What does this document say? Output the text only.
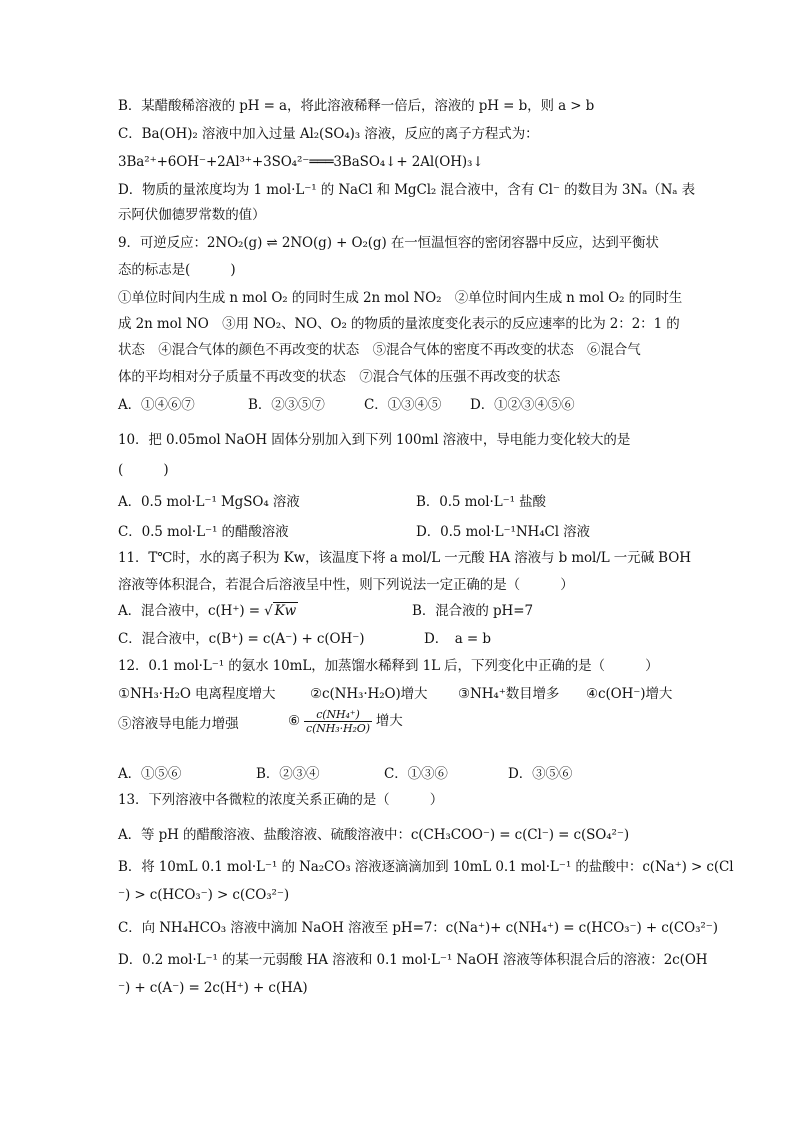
B．某醋酸稀溶液的 pH = a，将此溶液稀释一倍后，溶液的 pH = b，则 a > b
C．Ba(OH)₂ 溶液中加入过量 Al₂(SO₄)₃ 溶液，反应的离子方程式为：
3Ba²⁺+6OH⁻+2Al³⁺+3SO₄²⁻═══3BaSO₄↓+ 2Al(OH)₃↓
D．物质的量浓度均为 1 mol·L⁻¹ 的 NaCl 和 MgCl₂ 混合液中，含有 Cl⁻ 的数目为 3Nₐ（Nₐ 表
示阿伏伽德罗常数的值）
9．可逆反应：2NO₂(g) ⇌ 2NO(g) + O₂(g) 在一恒温恒容的密闭容器中反应，达到平衡状
态的标志是(　　　)
①单位时间内生成 n mol O₂ 的同时生成 2n mol NO₂　②单位时间内生成 n mol O₂ 的同时生
成 2n mol NO　③用 NO₂、NO、O₂ 的物质的量浓度变化表示的反应速率的比为 2：2：1 的
状态　④混合气体的颜色不再改变的状态　⑤混合气体的密度不再改变的状态　⑥混合气
体的平均相对分子质量不再改变的状态　⑦混合气体的压强不再改变的状态
A．①④⑥⑦	B．②③⑤⑦	C．①③④⑤ D．①②③④⑤⑥
10．把 0.05mol NaOH 固体分别加入到下列 100ml 溶液中，导电能力变化较大的是
(　　　)
A．0.5 mol·L⁻¹ MgSO₄ 溶液	B．0.5 mol·L⁻¹ 盐酸
C．0.5 mol·L⁻¹ 的醋酸溶液	D．0.5 mol·L⁻¹NH₄Cl 溶液
11．T℃时，水的离子积为 Kw，该温度下将 a mol/L 一元酸 HA 溶液与 b mol/L 一元碱 BOH
溶液等体积混合，若混合后溶液呈中性，则下列说法一定正确的是（　　　）
A．混合液中，c(H⁺) = √ Kw	B．混合液的 pH=7
C．混合液中，c(B⁺) = c(A⁻) + c(OH⁻)	D．　a = b
12．0.1 mol·L⁻¹ 的氨水 10mL，加蒸馏水稀释到 1L 后，下列变化中正确的是（　　　）
①NH₃·H₂O 电离程度增大	②c(NH₃·H₂O)增大 ③NH₄⁺数目增多 ④c(OH⁻)增大
⑤溶液导电能力增强	⑥ $\frac{\text{c(NH₄⁺)}}{\text{c(NH₃·H₂O)}}$ 增大
A．①⑤⑥	B．②③④	C．①③⑥	D．③⑤⑥
13．下列溶液中各微粒的浓度关系正确的是（　　　）
A．等 pH 的醋酸溶液、盐酸溶液、硫酸溶液中：c(CH₃COO⁻) = c(Cl⁻) = c(SO₄²⁻)
B．将 10mL 0.1 mol·L⁻¹ 的 Na₂CO₃ 溶液逐滴滴加到 10mL 0.1 mol·L⁻¹ 的盐酸中：c(Na⁺) > c(Cl
⁻) > c(HCO₃⁻) > c(CO₃²⁻)
C．向 NH₄HCO₃ 溶液中滴加 NaOH 溶液至 pH=7：c(Na⁺)+ c(NH₄⁺) = c(HCO₃⁻) + c(CO₃²⁻)
D．0.2 mol·L⁻¹ 的某一元弱酸 HA 溶液和 0.1 mol·L⁻¹ NaOH 溶液等体积混合后的溶液：2c(OH
⁻) + c(A⁻) = 2c(H⁺) + c(HA)
